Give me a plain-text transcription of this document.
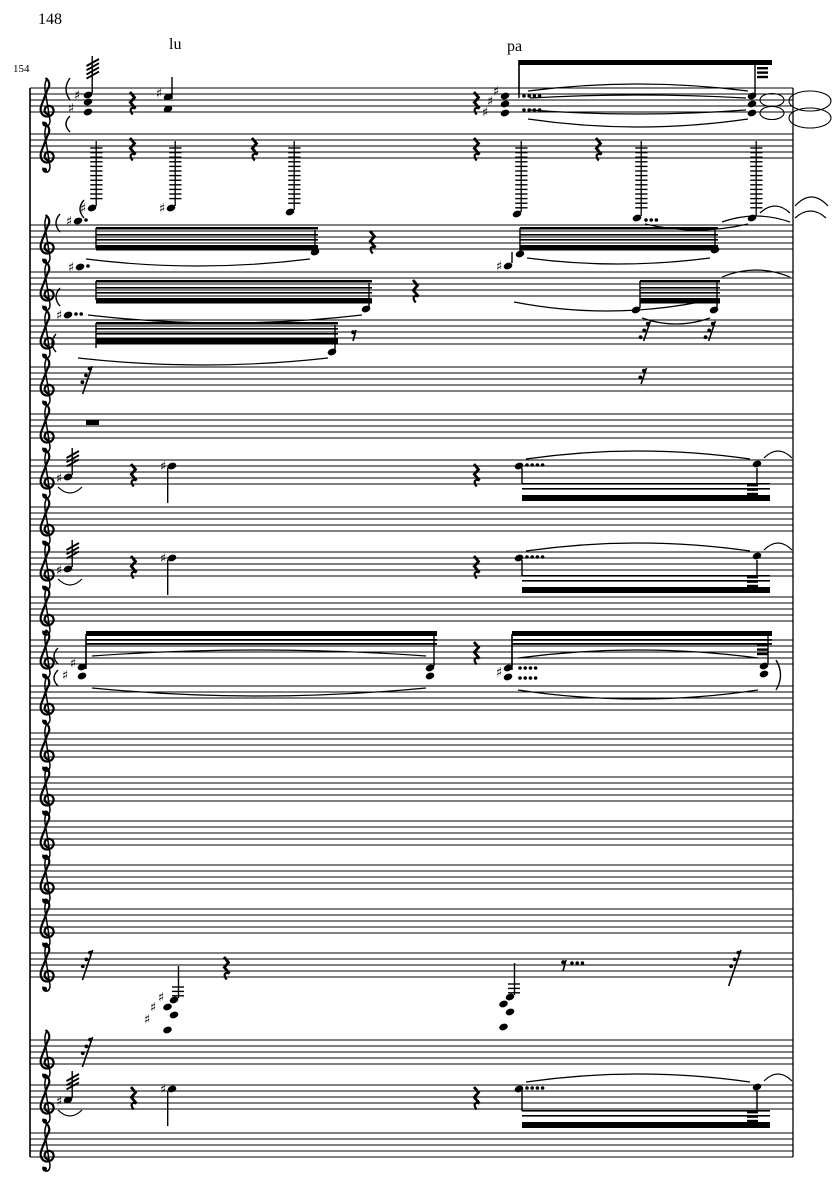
148
154
lu	pa
♯
♯
♯	♯
♯
♯
♯	♯
♯
♯	♯
♯
♯
♯
♯
♯
♯
♯	♯
♯
♯
♯
♯
♯
